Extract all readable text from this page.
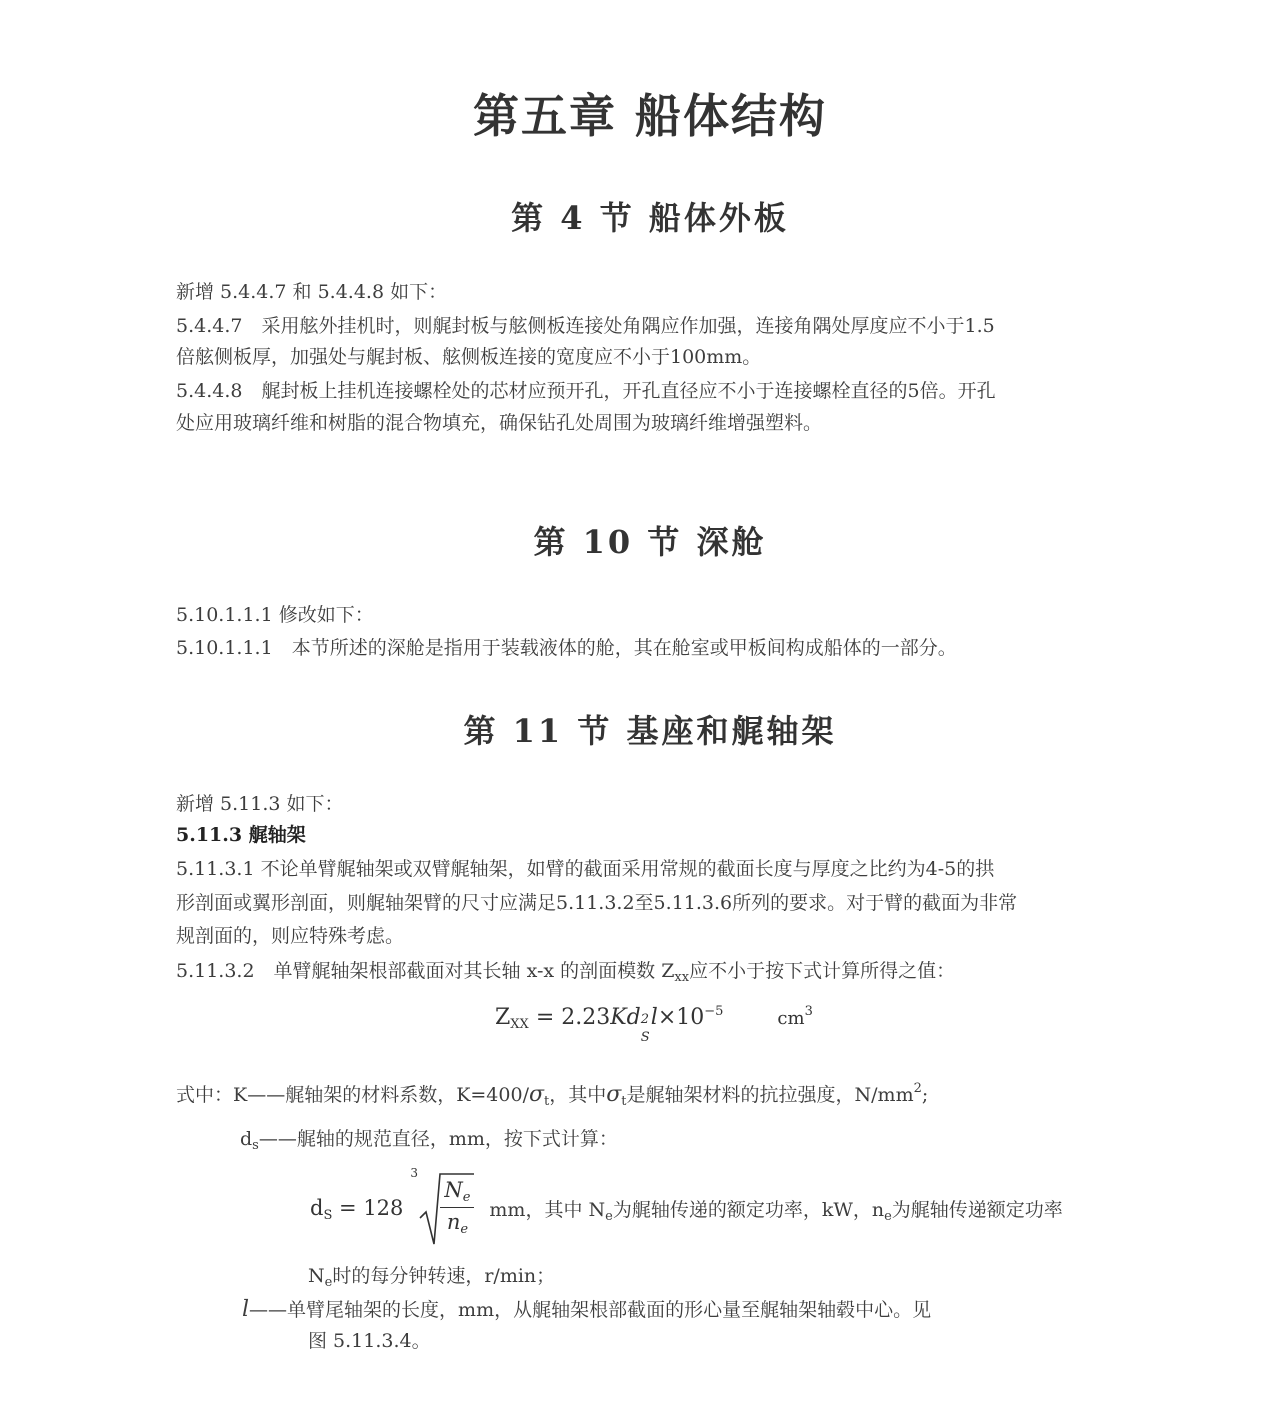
第五章 船体结构
第 4 节 船体外板
新增 5.4.4.7 和 5.4.4.8 如下：
5.4.4.7　采用舷外挂机时，则艉封板与舷侧板连接处角隅应作加强，连接角隅处厚度应不小于1.5
倍舷侧板厚，加强处与艉封板、舷侧板连接的宽度应不小于100mm。
5.4.4.8　艉封板上挂机连接螺栓处的芯材应预开孔，开孔直径应不小于连接螺栓直径的5倍。开孔
处应用玻璃纤维和树脂的混合物填充，确保钻孔处周围为玻璃纤维增强塑料。
第 10 节 深舱
5.10.1.1.1 修改如下：
5.10.1.1.1　本节所述的深舱是指用于装载液体的舱，其在舱室或甲板间构成船体的一部分。
第 11 节 基座和艉轴架
新增 5.11.3 如下：
5.11.3 艉轴架
5.11.3.1 不论单臂艉轴架或双臂艉轴架，如臂的截面采用常规的截面长度与厚度之比约为4-5的拱
形剖面或翼形剖面，则艉轴架臂的尺寸应满足5.11.3.2至5.11.3.6所列的要求。对于臂的截面为非常
规剖面的，则应特殊考虑。
5.11.3.2　单臂艉轴架根部截面对其长轴 x-x 的剖面模数 $Z_{xx}$应不小于按下式计算所得之值：
$Z_{XX} = 2.23Kd$ 2
S
$l\times 10^{-5}$	$cm^3$
式中：K——艉轴架的材料系数，$K=400/\sigma_t$，其中$\sigma_t$是艉轴架材料的抗拉强度，$N/mm^2$;
$d_s——$艉轴的规范直径，mm，按下式计算：
$d_S = 128$
3
$\frac{N_e}{n_e}$ mm，其中 $N_e$为艉轴传递的额定功率，kW，$n_e$为艉轴传递额定功率
$N_e$时的每分钟转速，r/min；
l——单臂尾轴架的长度，mm，从艉轴架根部截面的形心量至艉轴架轴毂中心。见
图 5.11.3.4。
